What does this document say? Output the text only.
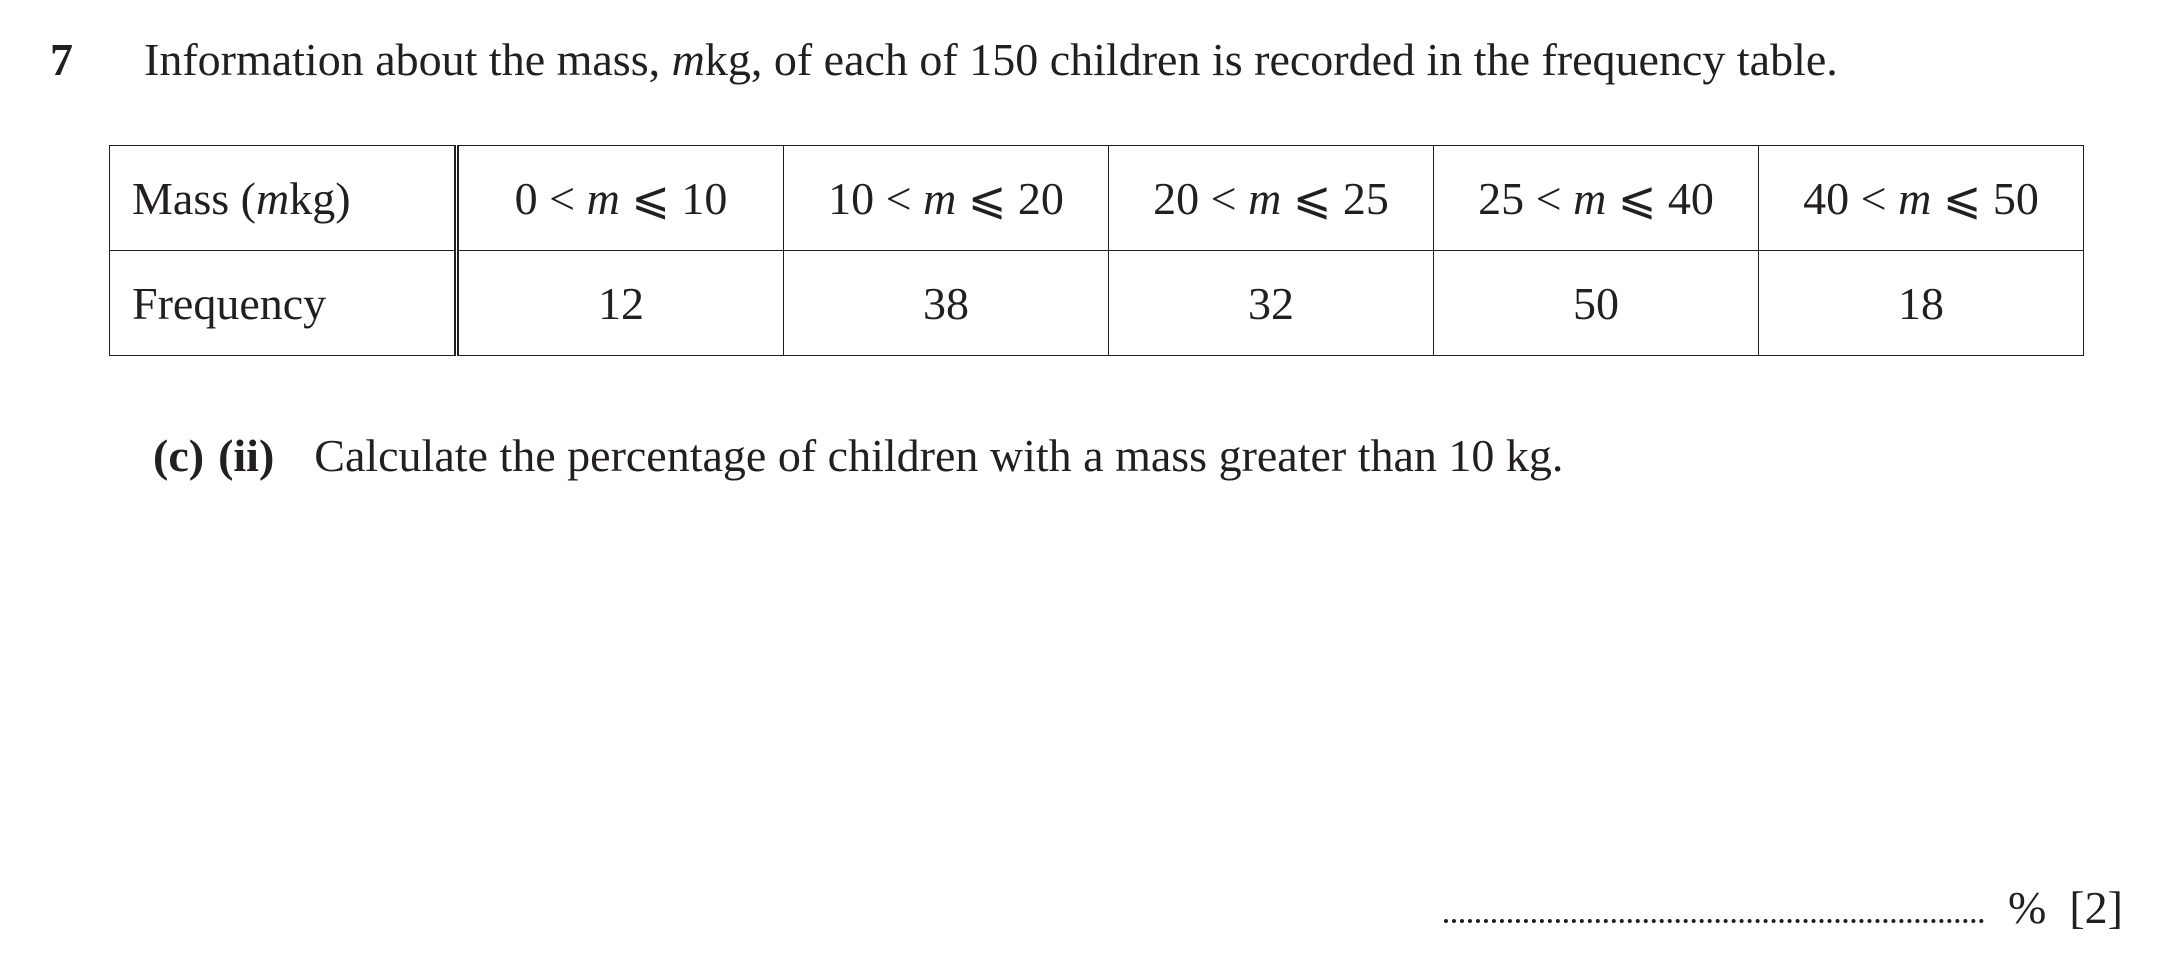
7 Information about the mass, mkg, of each of 150 children is recorded in the frequency table.
Mass (mkg)	0 < m ⩽ 10	10 < m ⩽ 20	20 < m ⩽ 25	25 < m ⩽ 40	40 < m ⩽ 50
Frequency	12	38	32	50	18
(c) (ii) Calculate the percentage of children with a mass greater than 10 kg.
% [2]
